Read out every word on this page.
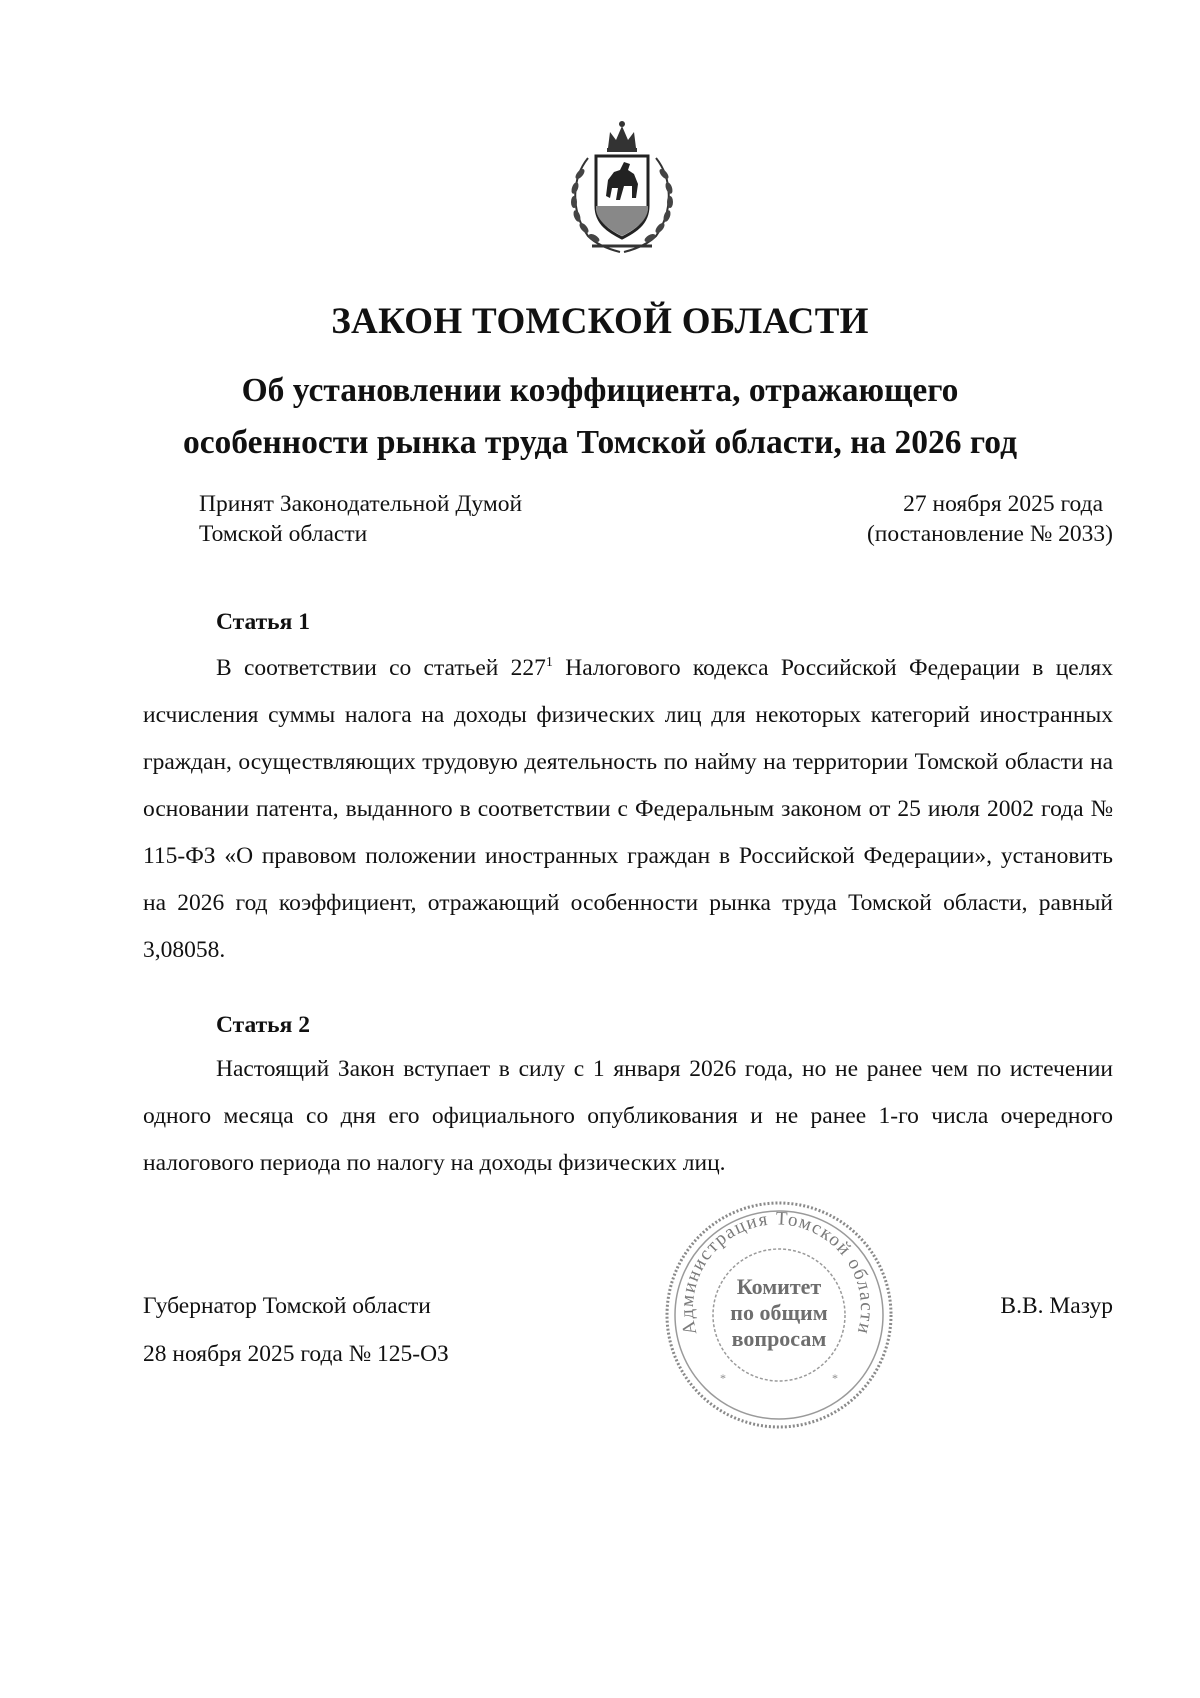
ЗАКОН ТОМСКОЙ ОБЛАСТИ
Об установлении коэффициента, отражающего
особенности рынка труда Томской области, на 2026 год
Принят Законодательной Думой
Томской области
27 ноября 2025 года
(постановление № 2033)
Статья 1

В соответствии со статьей $227^1$ Налогового кодекса Российской Федерации в целях исчисления суммы налога на доходы физических лиц для некоторых категорий иностранных граждан, осуществляющих трудовую деятельность по найму на территории Томской области на основании патента, выданного в соответствии с Федеральным законом от 25 июля 2002 года № 115-ФЗ «О правовом положении иностранных граждан в Российской Федерации», установить на 2026 год коэффициент, отражающий особенности рынка труда Томской области, равный 3,08058.

Статья 2

Настоящий Закон вступает в силу с 1 января 2026 года, но не ранее чем по истечении одного месяца со дня его официального опубликования и не ранее 1-го числа очередного налогового периода по налогу на доходы физических лиц.

Губернатор Томской области
28 ноября 2025 года № 125-ОЗ
В.В. Мазур
Администрация Томской области
*	*
Комитет
по общим
вопросам
